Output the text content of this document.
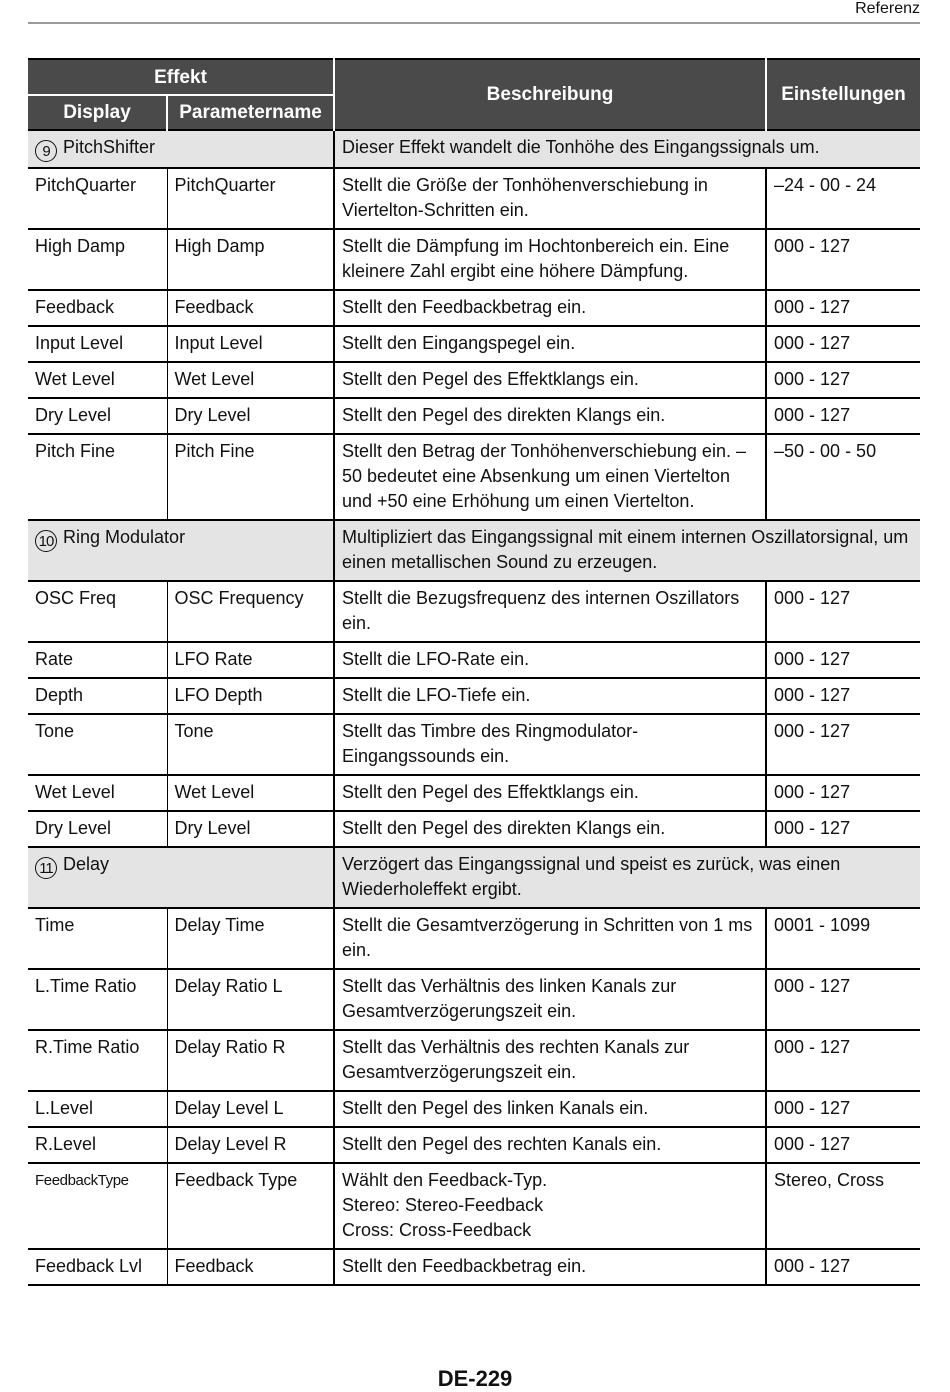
Referenz
Effekt		Beschreibung	Einstellungen
Display	Parametername		
9 PitchShifter		Dieser Effekt wandelt die Tonhöhe des Eingangssignals um.	
PitchQuarter	PitchQuarter	Stellt die Größe der Tonhöhenverschiebung in Viertelton-Schritten ein.	–24 - 00 - 24
High Damp	High Damp	Stellt die Dämpfung im Hochtonbereich ein. Eine kleinere Zahl ergibt eine höhere Dämpfung.	000 - 127
Feedback	Feedback	Stellt den Feedbackbetrag ein.	000 - 127
Input Level	Input Level	Stellt den Eingangspegel ein.	000 - 127
Wet Level	Wet Level	Stellt den Pegel des Effektklangs ein.	000 - 127
Dry Level	Dry Level	Stellt den Pegel des direkten Klangs ein.	000 - 127
Pitch Fine	Pitch Fine	Stellt den Betrag der Tonhöhenverschiebung ein. –50 bedeutet eine Absenkung um einen Viertelton und +50 eine Erhöhung um einen Viertelton.	–50 - 00 - 50
10 Ring Modulator		Multipliziert das Eingangssignal mit einem internen Oszillatorsignal, um einen metallischen Sound zu erzeugen.	
OSC Freq	OSC Frequency	Stellt die Bezugsfrequenz des internen Oszillators ein.	000 - 127
Rate	LFO Rate	Stellt die LFO-Rate ein.	000 - 127
Depth	LFO Depth	Stellt die LFO-Tiefe ein.	000 - 127
Tone	Tone	Stellt das Timbre des Ringmodulator-Eingangssounds ein.	000 - 127
Wet Level	Wet Level	Stellt den Pegel des Effektklangs ein.	000 - 127
Dry Level	Dry Level	Stellt den Pegel des direkten Klangs ein.	000 - 127
11 Delay		Verzögert das Eingangssignal und speist es zurück, was einen Wiederholeffekt ergibt.	
Time	Delay Time	Stellt die Gesamtverzögerung in Schritten von 1 ms ein.	0001 - 1099
L.Time Ratio	Delay Ratio L	Stellt das Verhältnis des linken Kanals zur Gesamtverzögerungszeit ein.	000 - 127
R.Time Ratio	Delay Ratio R	Stellt das Verhältnis des rechten Kanals zur Gesamtverzögerungszeit ein.	000 - 127
L.Level	Delay Level L	Stellt den Pegel des linken Kanals ein.	000 - 127
R.Level	Delay Level R	Stellt den Pegel des rechten Kanals ein.	000 - 127
FeedbackType	Feedback Type	Wählt den Feedback-Typ.
Stereo: Stereo-Feedback
Cross: Cross-Feedback	Stereo, Cross
Feedback Lvl	Feedback	Stellt den Feedbackbetrag ein.	000 - 127
DE-229
